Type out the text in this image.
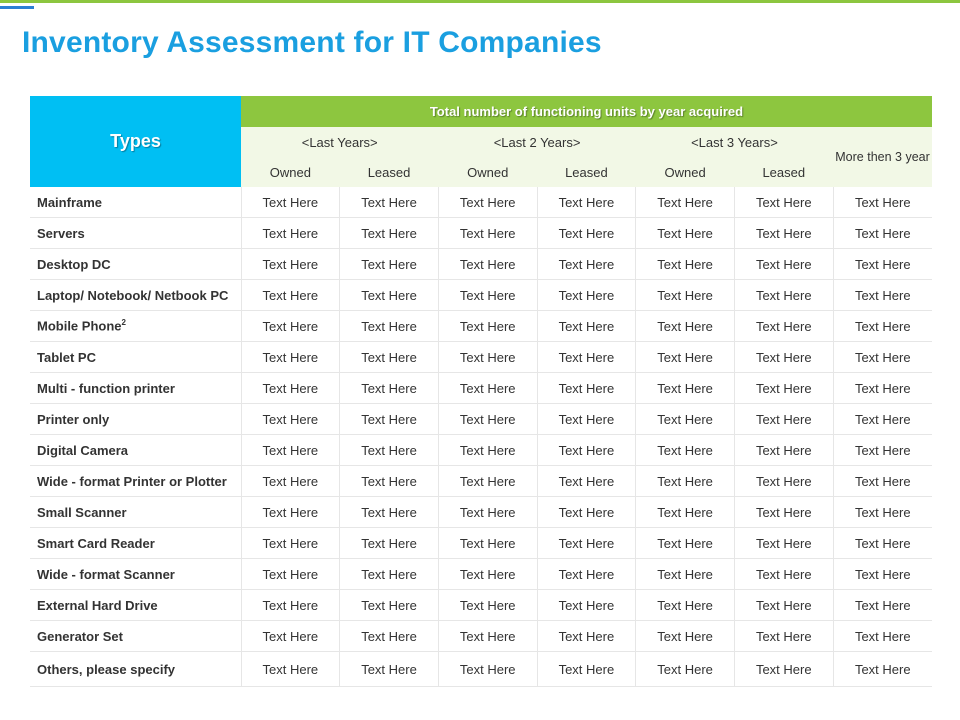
Inventory Assessment for IT Companies
Types	Total number of functioning units by year acquired						
	<Last Years>		<Last 2 Years>		<Last 3 Years>		More then 3 year
	Owned	Leased	Owned	Leased	Owned	Leased	
Mainframe	Text Here	Text Here	Text Here	Text Here	Text Here	Text Here	Text Here
Servers	Text Here	Text Here	Text Here	Text Here	Text Here	Text Here	Text Here
Desktop DC	Text Here	Text Here	Text Here	Text Here	Text Here	Text Here	Text Here
Laptop/ Notebook/ Netbook PC	Text Here	Text Here	Text Here	Text Here	Text Here	Text Here	Text Here
Mobile Phone$^2$	Text Here	Text Here	Text Here	Text Here	Text Here	Text Here	Text Here
Tablet PC	Text Here	Text Here	Text Here	Text Here	Text Here	Text Here	Text Here
Multi - function printer	Text Here	Text Here	Text Here	Text Here	Text Here	Text Here	Text Here
Printer only	Text Here	Text Here	Text Here	Text Here	Text Here	Text Here	Text Here
Digital Camera	Text Here	Text Here	Text Here	Text Here	Text Here	Text Here	Text Here
Wide - format Printer or Plotter	Text Here	Text Here	Text Here	Text Here	Text Here	Text Here	Text Here
Small Scanner	Text Here	Text Here	Text Here	Text Here	Text Here	Text Here	Text Here
Smart Card Reader	Text Here	Text Here	Text Here	Text Here	Text Here	Text Here	Text Here
Wide - format Scanner	Text Here	Text Here	Text Here	Text Here	Text Here	Text Here	Text Here
External Hard Drive	Text Here	Text Here	Text Here	Text Here	Text Here	Text Here	Text Here
Generator Set	Text Here	Text Here	Text Here	Text Here	Text Here	Text Here	Text Here
Others, please specify	Text Here	Text Here	Text Here	Text Here	Text Here	Text Here	Text Here
